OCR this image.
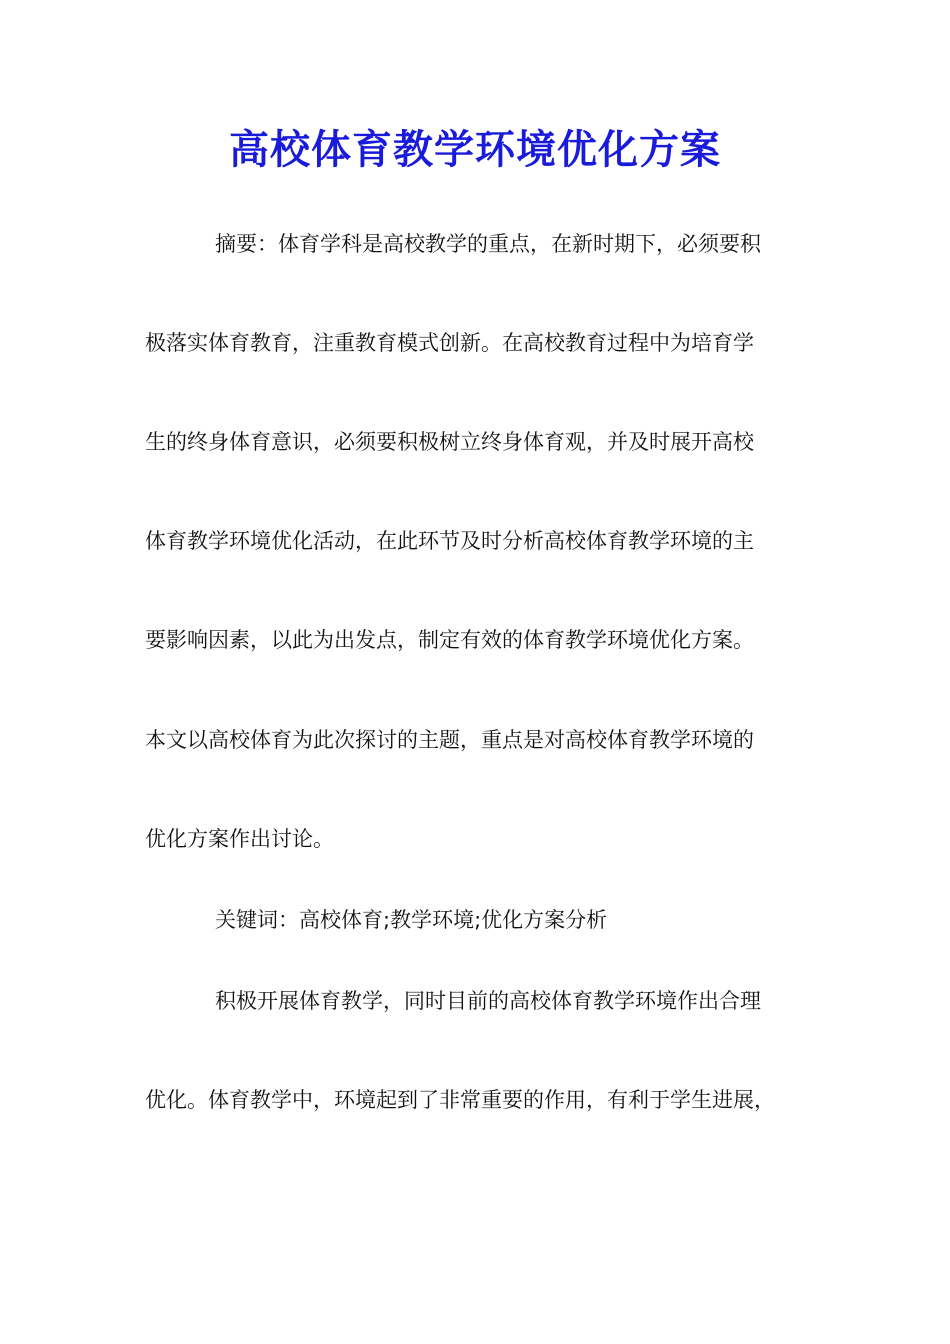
高校体育教学环境优化方案
摘要：体育学科是高校教学的重点，在新时期下，必须要积
极落实体育教育，注重教育模式创新。在高校教育过程中为培育学
生的终身体育意识，必须要积极树立终身体育观，并及时展开高校
体育教学环境优化活动，在此环节及时分析高校体育教学环境的主
要影响因素，以此为出发点，制定有效的体育教学环境优化方案。
本文以高校体育为此次探讨的主题，重点是对高校体育教学环境的
优化方案作出讨论。
关键词：高校体育;教学环境;优化方案分析
积极开展体育教学，同时目前的高校体育教学环境作出合理
优化。体育教学中，环境起到了非常重要的作用，有利于学生进展，
